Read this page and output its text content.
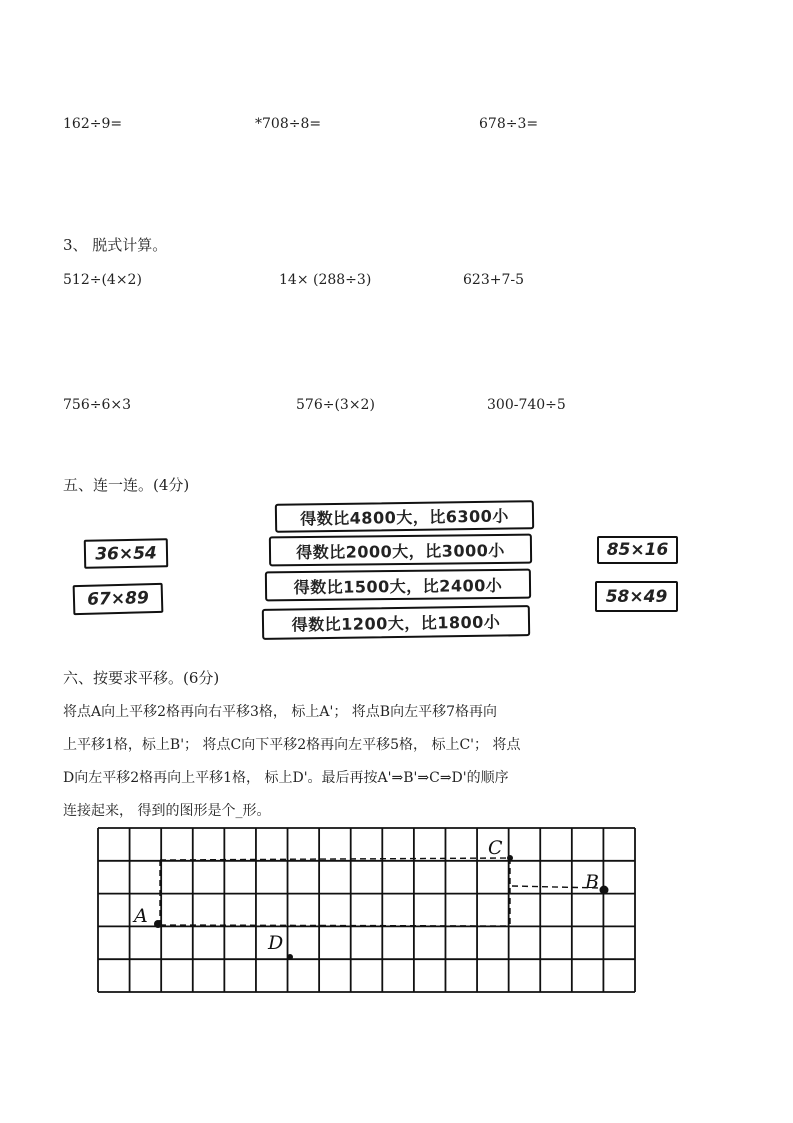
162÷9=	*708÷8=	678÷3=
3、 脱式计算。
512÷(4×2)	14× (288÷3)	623+7-5
756÷6×3	576÷(3×2)	300-740÷5
五、连一连。(4分)
36×54
67×89
得数比4800大，比6300小
得数比2000大，比3000小
得数比1500大，比2400小
得数比1200大，比1800小
85×16
58×49
六、按要求平移。(6分)
将点A向上平移2格再向右平移3格， 标上A'； 将点B向左平移7格再向
上平移1格，标上B'； 将点C向下平移2格再向左平移5格， 标上C'； 将点
D向左平移2格再向上平移1格， 标上D'。最后再按A'⇒B'⇒C⇒D'的顺序
连接起来， 得到的图形是个_形。
A
B
C
D
